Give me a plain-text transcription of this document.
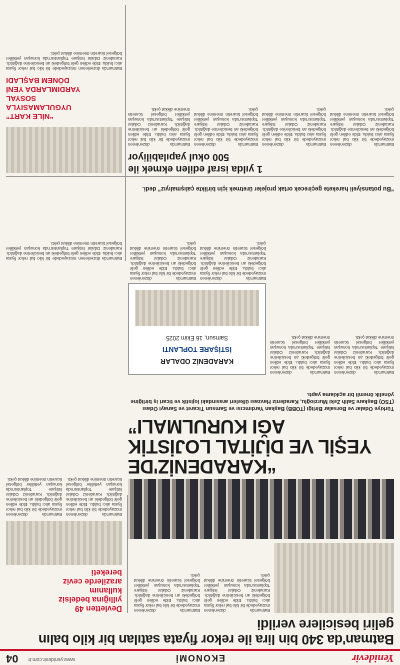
Yenidevir
EKONOMİ
www.yenidevir.com.tr
04
Batman'da 340 bin lira ile rekor fiyata satılan bir kilo balın geliri besicilere verildi
Batman'da düzenlenen müzayedede bir kilo bal rekor fiyata alıcı buldu. Elde edilen gelir bölgedeki arı besicilerine dağıtıldı. Karadeniz Odalar İstişare Toplantısı'nda konuşan yetkililer bölgesel ticaretin önemine dikkat çekti.
Batman'da düzenlenen müzayedede bir kilo bal rekor fiyata alıcı buldu. Elde edilen gelir bölgedeki arı besicilerine dağıtıldı. Karadeniz Odalar İstişare Toplantısı'nda konuşan yetkililer bölgesel ticaretin önemine dikkat çekti.
Devletten 49
yıllığına bedelsiz
kullanım
arazilerde ceviz
bereketi
Batman'da düzenlenen müzayedede bir kilo bal rekor fiyata alıcı buldu. Elde edilen gelir bölgedeki arı besicilerine dağıtıldı. Karadeniz Odalar İstişare Toplantısı'nda konuşan yetkililer bölgesel ticaretin önemine dikkat çekti.
Batman'da düzenlenen müzayedede bir kilo bal rekor fiyata alıcı buldu. Elde edilen gelir bölgedeki arı besicilerine dağıtıldı. Karadeniz Odalar İstişare Toplantısı'nda konuşan yetkililer bölgesel ticaretin önemine dikkat çekti.
“KARADENİZ'DE
YEŞİL VE DİJİTAL LOJİSTİK
AĞI KURULMALI”
Türkiye Odalar ve Borsalar Birliği (TOBB) Başkan Yardımcısı ve Samsun Ticaret ve Sanayi Odası (TSO) Başkanı Salih Zeki Murzioğlu, Karadeniz Havzası ülkeleri arasındaki lojistik ve ticari iş birliğine yönelik önemli bir açıklama yaptı.
Batman'da düzenlenen müzayedede bir kilo bal rekor fiyata alıcı buldu. Elde edilen gelir bölgedeki arı besicilerine dağıtıldı. Karadeniz Odalar İstişare Toplantısı'nda konuşan yetkililer bölgesel ticaretin önemine dikkat çekti.
Batman'da düzenlenen müzayedede bir kilo bal rekor fiyata alıcı buldu. Elde edilen gelir bölgedeki arı besicilerine dağıtıldı. Karadeniz Odalar İstişare Toplantısı'nda konuşan yetkililer bölgesel ticaretin önemine dikkat çekti.
KARADENİZ ODALAR
İSTİŞARE TOPLANTI
Samsun, 16 Ekim 2025
Batman'da düzenlenen müzayedede bir kilo bal rekor fiyata alıcı buldu. Elde edilen gelir bölgedeki arı besicilerine dağıtıldı. Karadeniz Odalar İstişare Toplantısı'nda konuşan yetkililer bölgesel ticaretin önemine dikkat çekti.
Batman'da düzenlenen müzayedede bir kilo bal rekor fiyata alıcı buldu. Elde edilen gelir bölgedeki arı besicilerine dağıtıldı. Karadeniz Odalar İstişare Toplantısı'nda konuşan yetkililer bölgesel ticaretin önemine dikkat çekti.
“Bu potansiyeli harekete geçirecek ortak projeler üretmek için birlikte çalışmalıyız” dedi.
1 yılda israf edilen ekmek ile
500 okul yapılabiliyor
Batman'da düzenlenen müzayedede bir kilo bal rekor fiyata alıcı buldu. Elde edilen gelir bölgedeki arı besicilerine dağıtıldı. Karadeniz Odalar İstişare Toplantısı'nda konuşan yetkililer bölgesel ticaretin önemine dikkat çekti.
Batman'da düzenlenen müzayedede bir kilo bal rekor fiyata alıcı buldu. Elde edilen gelir bölgedeki arı besicilerine dağıtıldı. Karadeniz Odalar İstişare Toplantısı'nda konuşan yetkililer bölgesel ticaretin önemine dikkat çekti.
Batman'da düzenlenen müzayedede bir kilo bal rekor fiyata alıcı buldu. Elde edilen gelir bölgedeki arı besicilerine dağıtıldı. Karadeniz Odalar İstişare Toplantısı'nda konuşan yetkililer bölgesel ticaretin önemine dikkat çekti.
Batman'da düzenlenen müzayedede bir kilo bal rekor fiyata alıcı buldu. Elde edilen gelir bölgedeki arı besicilerine dağıtıldı. Karadeniz Odalar İstişare Toplantısı'nda konuşan yetkililer bölgesel ticaretin önemine dikkat çekti.
Batman'da düzenlenen müzayedede bir kilo bal rekor fiyata alıcı buldu. Elde edilen gelir bölgedeki arı besicilerine dağıtıldı. Karadeniz Odalar İstişare Toplantısı'nda konuşan yetkililer bölgesel ticaretin önemine dikkat çekti.
“NİLE KART”
UYGULAMASIYLA
SOSYAL
YARDIMLARDA YENİ
DÖNEM BAŞLADI
Batman'da düzenlenen müzayedede bir kilo bal rekor fiyata alıcı buldu. Elde edilen gelir bölgedeki arı besicilerine dağıtıldı. Karadeniz Odalar İstişare Toplantısı'nda konuşan yetkililer bölgesel ticaretin önemine dikkat çekti.
